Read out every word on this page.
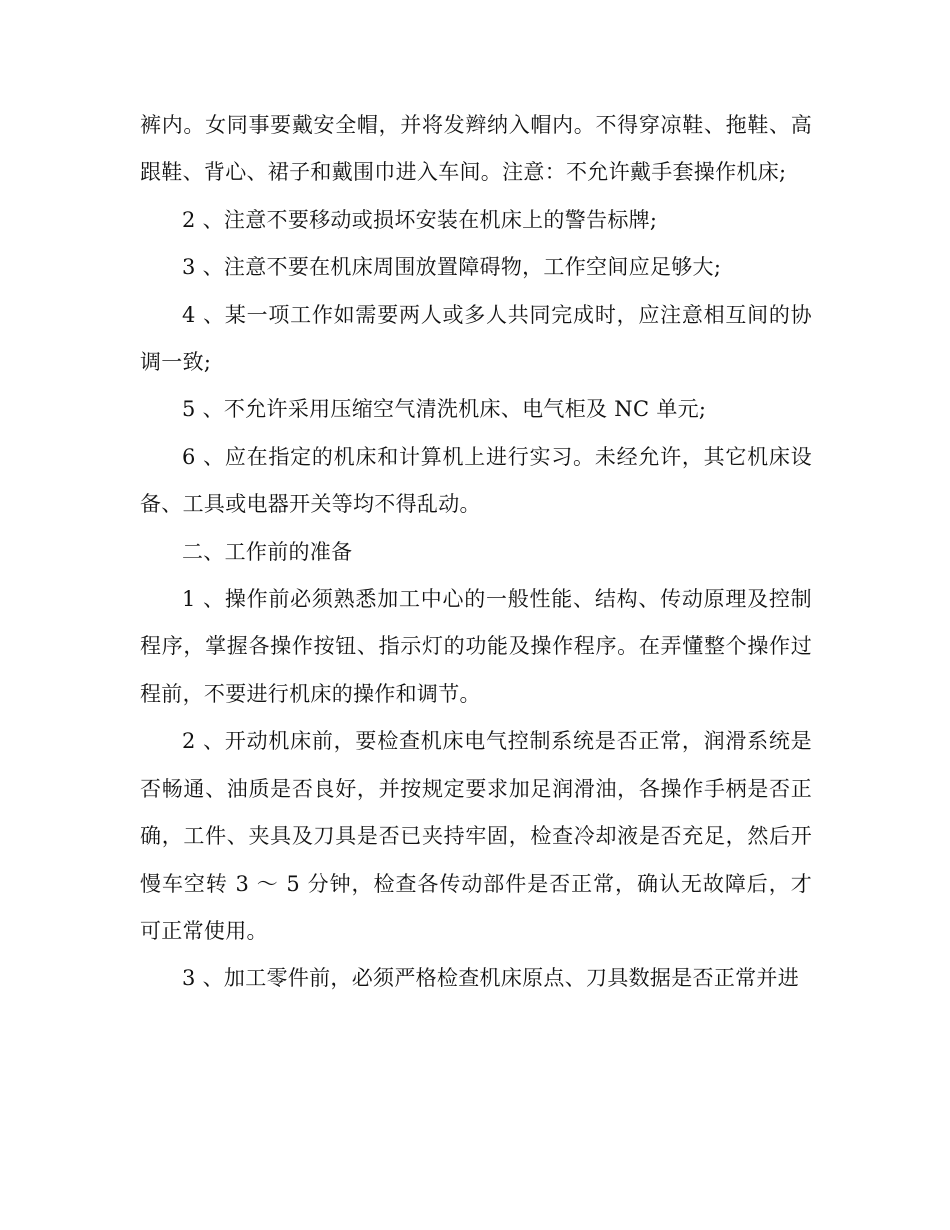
裤内。女同事要戴安全帽，并将发辫纳入帽内。不得穿凉鞋、拖鞋、高跟鞋、背心、裙子和戴围巾进入车间。注意：不允许戴手套操作机床;

2 、注意不要移动或损坏安装在机床上的警告标牌;

3 、注意不要在机床周围放置障碍物，工作空间应足够大;

4 、某一项工作如需要两人或多人共同完成时，应注意相互间的协调一致;

5 、不允许采用压缩空气清洗机床、电气柜及 NC 单元;

6 、应在指定的机床和计算机上进行实习。未经允许，其它机床设备、工具或电器开关等均不得乱动。

二、工作前的准备

1 、操作前必须熟悉加工中心的一般性能、结构、传动原理及控制程序，掌握各操作按钮、指示灯的功能及操作程序。在弄懂整个操作过程前，不要进行机床的操作和调节。

2 、开动机床前，要检查机床电气控制系统是否正常，润滑系统是否畅通、油质是否良好，并按规定要求加足润滑油，各操作手柄是否正确，工件、夹具及刀具是否已夹持牢固，检查冷却液是否充足，然后开慢车空转 3 ～ 5 分钟，检查各传动部件是否正常，确认无故障后，才可正常使用。

3 、加工零件前，必须严格检查机床原点、刀具数据是否正常并进
